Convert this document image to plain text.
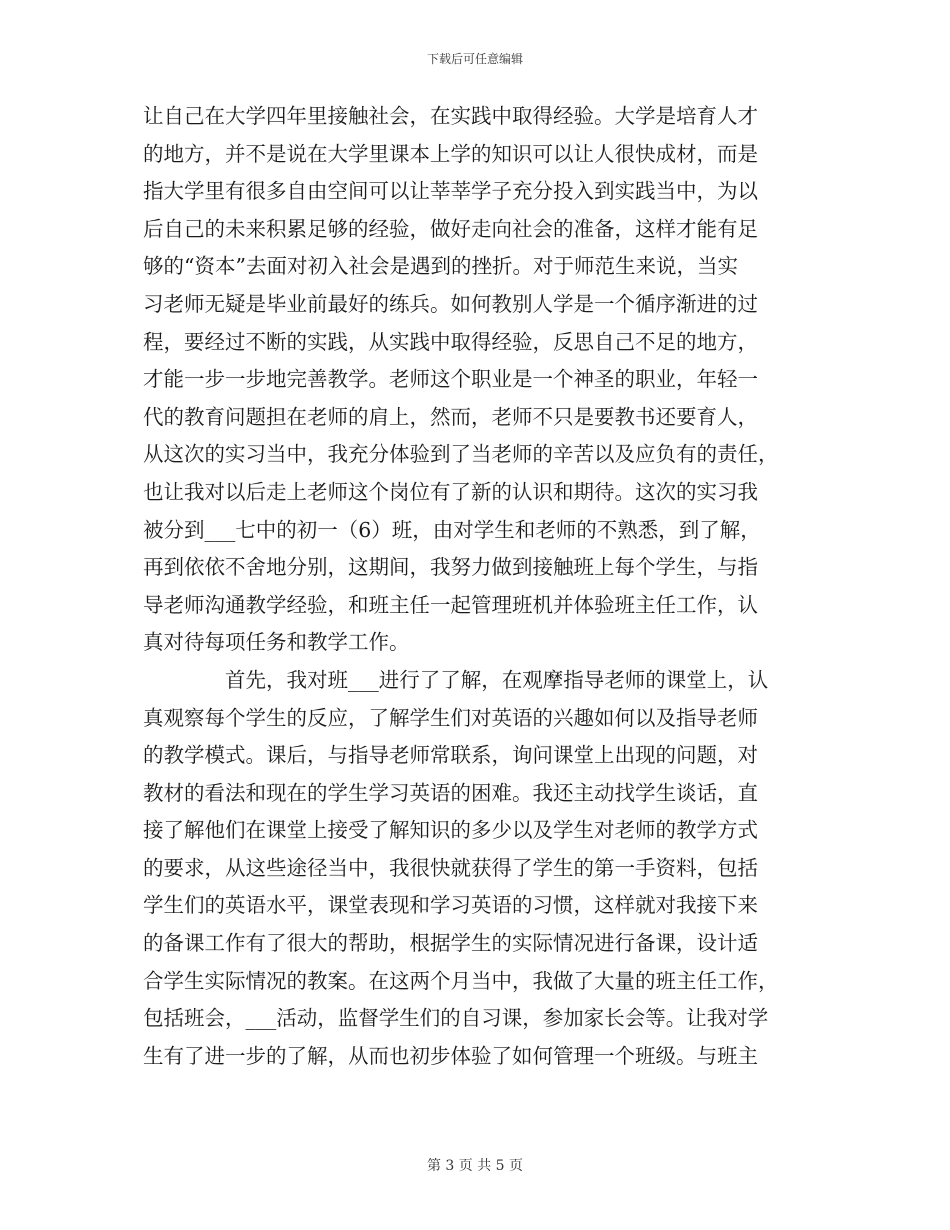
下载后可任意编辑
让自己在大学四年里接触社会，在实践中取得经验。大学是培育人才
的地方，并不是说在大学里课本上学的知识可以让人很快成材，而是
指大学里有很多自由空间可以让莘莘学子充分投入到实践当中，为以
后自己的未来积累足够的经验，做好走向社会的准备，这样才能有足
够的“资本”去面对初入社会是遇到的挫折。对于师范生来说，当实
习老师无疑是毕业前最好的练兵。如何教别人学是一个循序渐进的过
程，要经过不断的实践，从实践中取得经验，反思自己不足的地方，
才能一步一步地完善教学。老师这个职业是一个神圣的职业，年轻一
代的教育问题担在老师的肩上，然而，老师不只是要教书还要育人，
从这次的实习当中，我充分体验到了当老师的辛苦以及应负有的责任，
也让我对以后走上老师这个岗位有了新的认识和期待。这次的实习我
被分到___七中的初一（6）班，由对学生和老师的不熟悉，到了解，
再到依依不舍地分别，这期间，我努力做到接触班上每个学生，与指
导老师沟通教学经验，和班主任一起管理班机并体验班主任工作，认
真对待每项任务和教学工作。
　　　　首先，我对班___进行了了解，在观摩指导老师的课堂上，认
真观察每个学生的反应，了解学生们对英语的兴趣如何以及指导老师
的教学模式。课后，与指导老师常联系，询问课堂上出现的问题，对
教材的看法和现在的学生学习英语的困难。我还主动找学生谈话，直
接了解他们在课堂上接受了解知识的多少以及学生对老师的教学方式
的要求，从这些途径当中，我很快就获得了学生的第一手资料，包括
学生们的英语水平，课堂表现和学习英语的习惯，这样就对我接下来
的备课工作有了很大的帮助，根据学生的实际情况进行备课，设计适
合学生实际情况的教案。在这两个月当中，我做了大量的班主任工作，
包括班会，___活动，监督学生们的自习课，参加家长会等。让我对学
生有了进一步的了解，从而也初步体验了如何管理一个班级。与班主
第 3 页 共 5 页
